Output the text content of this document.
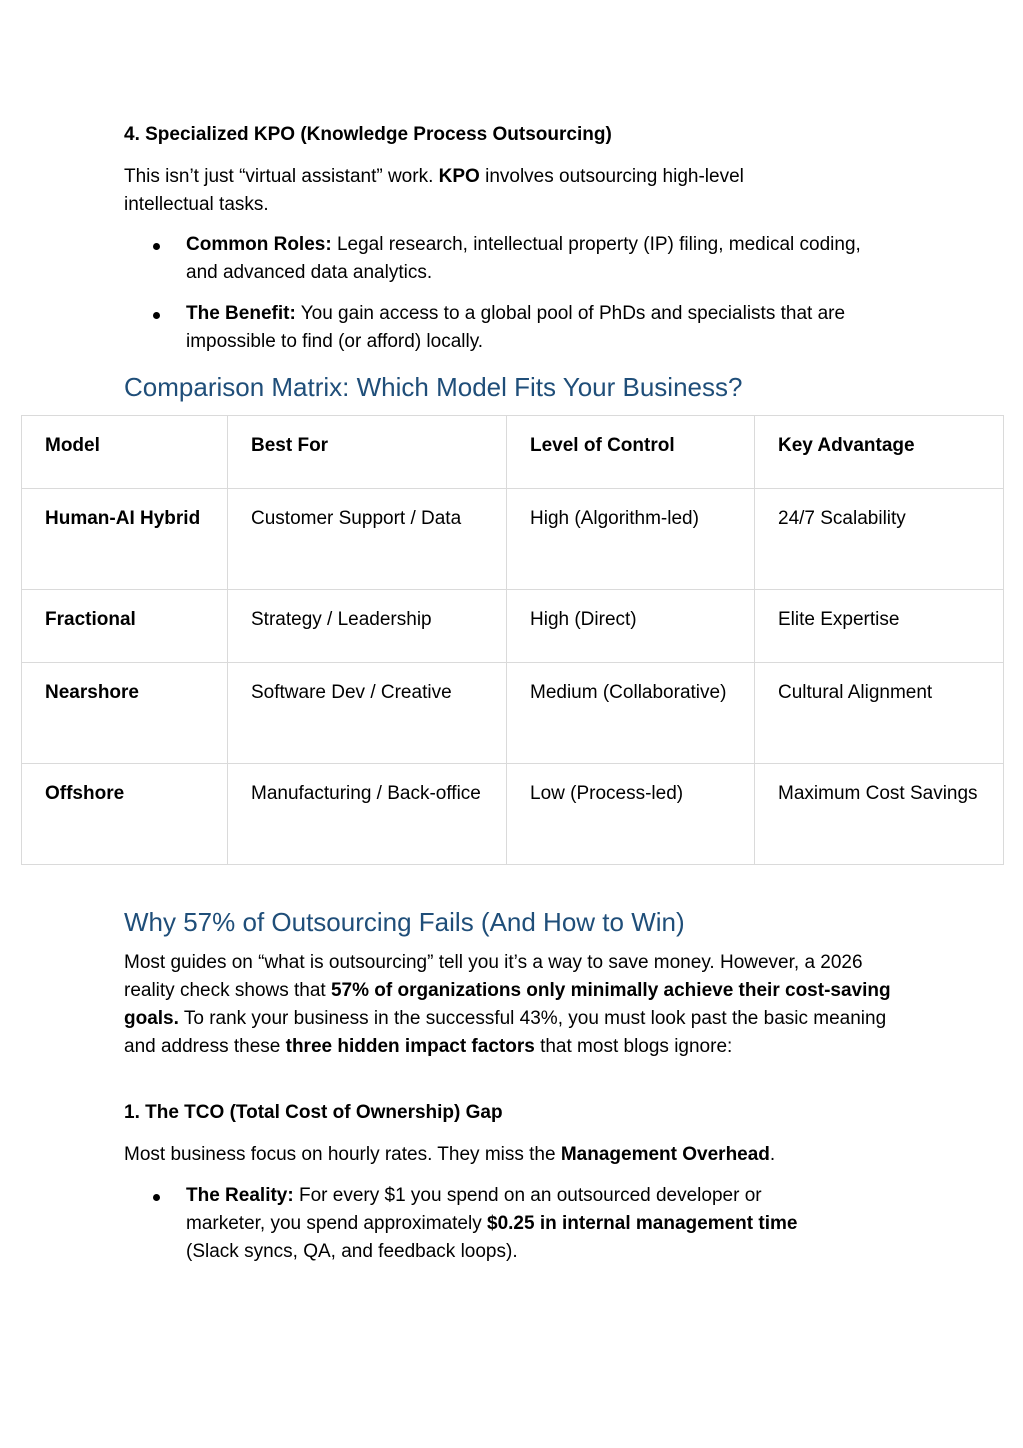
4. Specialized KPO (Knowledge Process Outsourcing)
This isn’t just “virtual assistant” work. KPO involves outsourcing high-level intellectual tasks.
Common Roles: Legal research, intellectual property (IP) filing, medical coding, and advanced data analytics.
The Benefit: You gain access to a global pool of PhDs and specialists that are impossible to find (or afford) locally.
Comparison Matrix: Which Model Fits Your Business?
Model	Best For	Level of Control	Key Advantage
Human-AI Hybrid	Customer Support / Data	High (Algorithm-led)	24/7 Scalability
Fractional	Strategy / Leadership	High (Direct)	Elite Expertise
Nearshore	Software Dev / Creative	Medium (Collaborative)	Cultural Alignment
Offshore	Manufacturing / Back-office	Low (Process-led)	Maximum Cost Savings
Why 57% of Outsourcing Fails (And How to Win)
Most guides on “what is outsourcing” tell you it’s a way to save money. However, a 2026 reality check shows that 57% of organizations only minimally achieve their cost-saving goals. To rank your business in the successful 43%, you must look past the basic meaning and address these three hidden impact factors that most blogs ignore:
1. The TCO (Total Cost of Ownership) Gap
Most business focus on hourly rates. They miss the Management Overhead.
The Reality: For every $1 you spend on an outsourced developer or marketer, you spend approximately $0.25 in internal management time (Slack syncs, QA, and feedback loops).
